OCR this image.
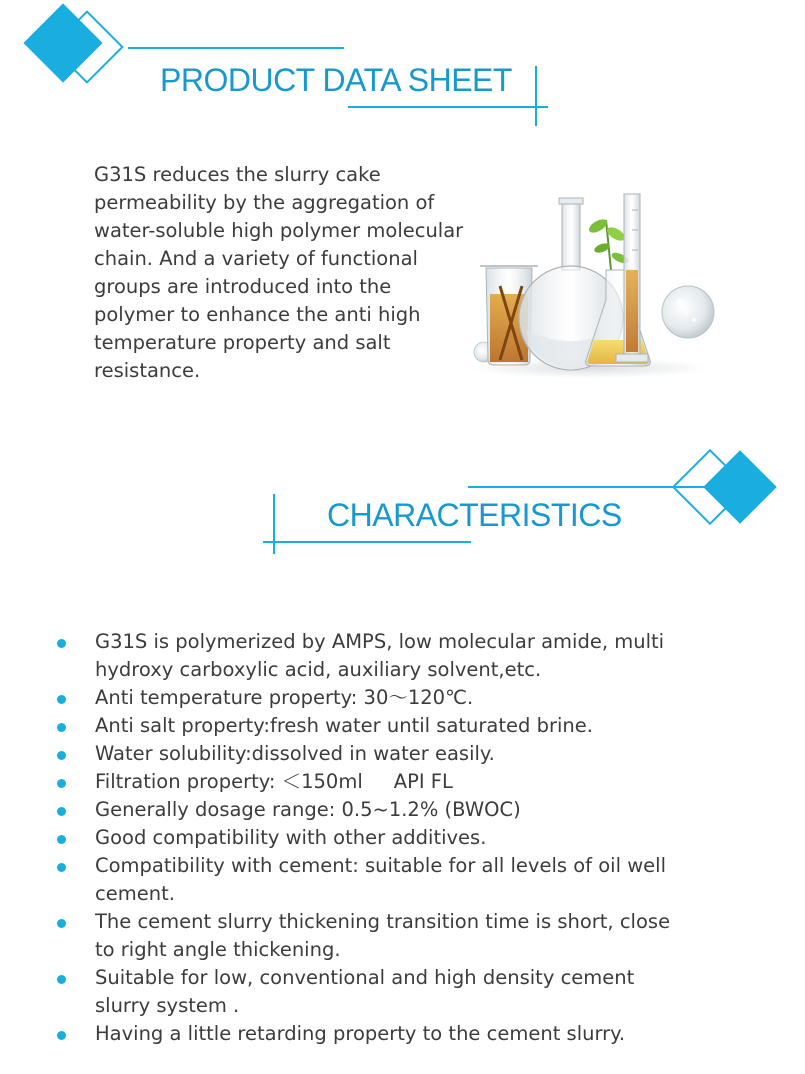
PRODUCT DATA SHEET

G31S reduces the slurry cake permeability by the aggregation of water-soluble high polymer molecular chain. And a variety of functional groups are introduced into the polymer to enhance the anti high temperature property and salt resistance.

CHARACTERISTICS
G31S is polymerized by AMPS, low molecular amide, multi hydroxy carboxylic acid, auxiliary solvent,etc.
Anti temperature property: 30～120℃.
Anti salt property:fresh water until saturated brine.
Water solubility:dissolved in water easily.
Filtration property: ＜150ml     API FL
Generally dosage range: 0.5~1.2% (BWOC)
Good compatibility with other additives.
Compatibility with cement: suitable for all levels of oil well cement.
The cement slurry thickening transition time is short, close to right angle thickening.
Suitable for low, conventional and high density cement slurry system .
Having a little retarding property to the cement slurry.
